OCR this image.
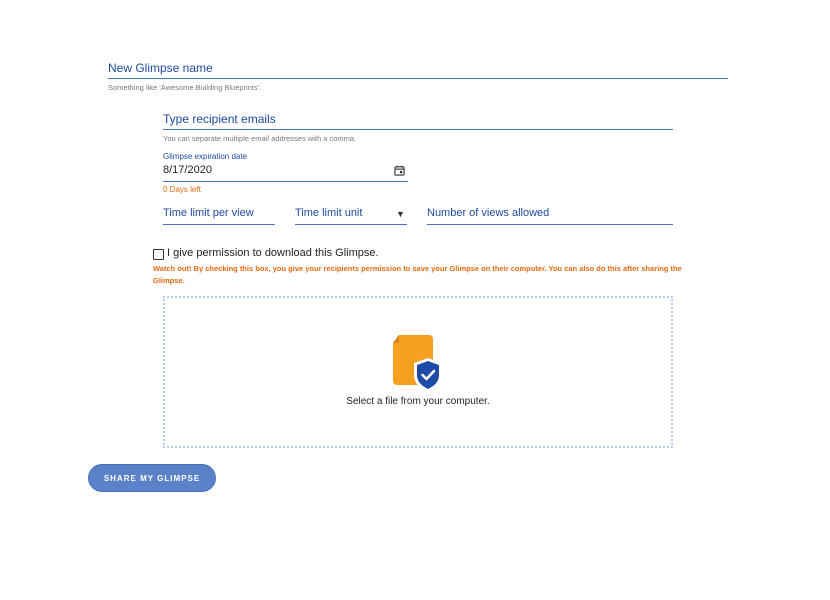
New Glimpse name
Something like 'Awesome Building Blueprints'.
Type recipient emails
You can separate multiple email addresses with a comma.
Glimpse expiration date
8/17/2020
0 Days left
Time limit per view	Time limit unit	▼ Number of views allowed
I give permission to download this Glimpse.
Watch out! By checking this box, you give your recipients permission to save your Glimpse on their computer. You can also do this after sharing the Glimpse.
Select a file from your computer.
SHARE MY GLIMPSE
